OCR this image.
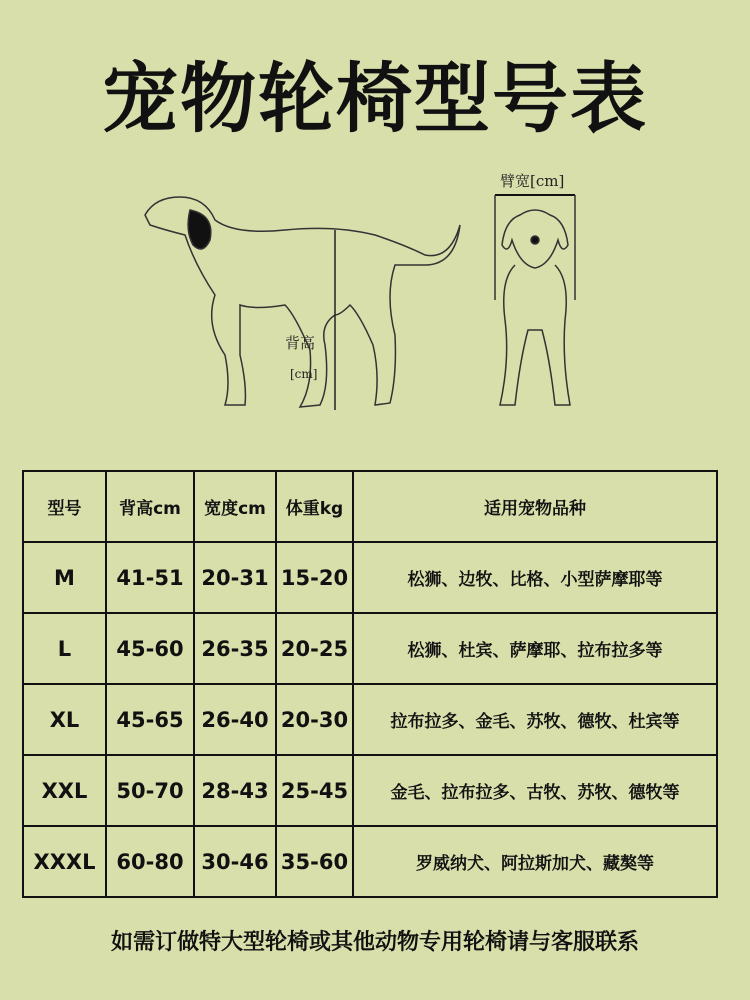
宠物轮椅型号表
背高
[cm]
臂宽[cm]
型号	背高cm	宽度cm	体重kg	适用宠物品种
M	41-51	20-31	15-20	松狮、边牧、比格、小型萨摩耶等
L	45-60	26-35	20-25	松狮、杜宾、萨摩耶、拉布拉多等
XL	45-65	26-40	20-30	拉布拉多、金毛、苏牧、德牧、杜宾等
XXL	50-70	28-43	25-45	金毛、拉布拉多、古牧、苏牧、德牧等
XXXL	60-80	30-46	35-60	罗威纳犬、阿拉斯加犬、藏獒等
如需订做特大型轮椅或其他动物专用轮椅请与客服联系
